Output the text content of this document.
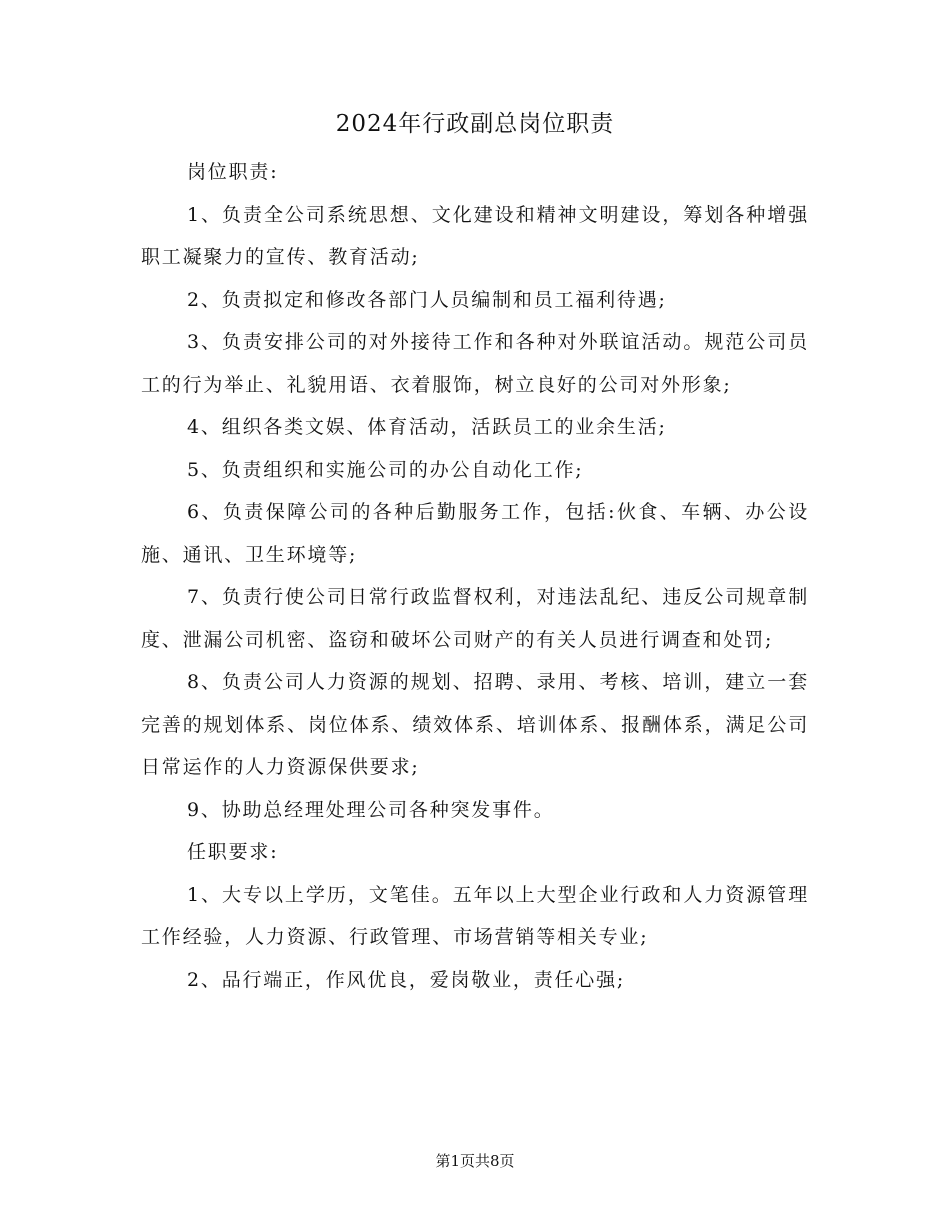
2024年行政副总岗位职责

岗位职责:

1、负责全公司系统思想、文化建设和精神文明建设，筹划各种增强职工凝聚力的宣传、教育活动;

2、负责拟定和修改各部门人员编制和员工福利待遇;

3、负责安排公司的对外接待工作和各种对外联谊活动。规范公司员工的行为举止、礼貌用语、衣着服饰，树立良好的公司对外形象;

4、组织各类文娱、体育活动，活跃员工的业余生活;

5、负责组织和实施公司的办公自动化工作;

6、负责保障公司的各种后勤服务工作，包括:伙食、车辆、办公设施、通讯、卫生环境等;

7、负责行使公司日常行政监督权利，对违法乱纪、违反公司规章制度、泄漏公司机密、盗窃和破坏公司财产的有关人员进行调查和处罚;

8、负责公司人力资源的规划、招聘、录用、考核、培训，建立一套完善的规划体系、岗位体系、绩效体系、培训体系、报酬体系，满足公司日常运作的人力资源保供要求;

9、协助总经理处理公司各种突发事件。

任职要求:

1、大专以上学历，文笔佳。五年以上大型企业行政和人力资源管理工作经验，人力资源、行政管理、市场营销等相关专业;

2、品行端正，作风优良，爱岗敬业，责任心强;

第1页共8页
